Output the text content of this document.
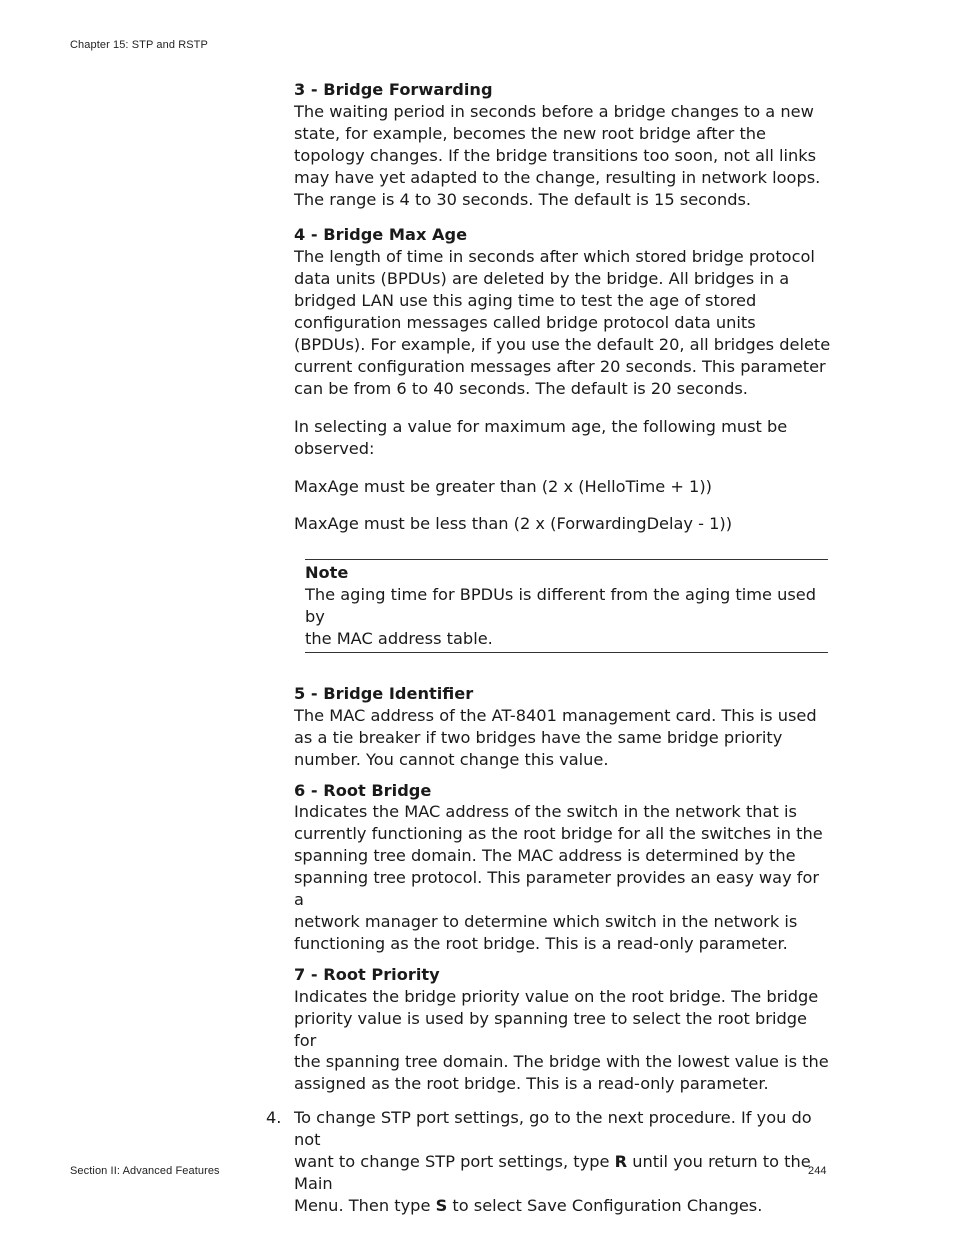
Chapter 15: STP and RSTP
3 - Bridge Forwarding
The waiting period in seconds before a bridge changes to a new
state, for example, becomes the new root bridge after the
topology changes. If the bridge transitions too soon, not all links
may have yet adapted to the change, resulting in network loops.
The range is 4 to 30 seconds. The default is 15 seconds.
4 - Bridge Max Age
The length of time in seconds after which stored bridge protocol
data units (BPDUs) are deleted by the bridge. All bridges in a
bridged LAN use this aging time to test the age of stored
configuration messages called bridge protocol data units
(BPDUs). For example, if you use the default 20, all bridges delete
current configuration messages after 20 seconds. This parameter
can be from 6 to 40 seconds. The default is 20 seconds.
In selecting a value for maximum age, the following must be
observed:
MaxAge must be greater than (2 x (HelloTime + 1))
MaxAge must be less than (2 x (ForwardingDelay - 1))
Note
The aging time for BPDUs is different from the aging time used by
the MAC address table.
5 - Bridge Identifier
The MAC address of the AT-8401 management card. This is used
as a tie breaker if two bridges have the same bridge priority
number. You cannot change this value.
6 - Root Bridge
Indicates the MAC address of the switch in the network that is
currently functioning as the root bridge for all the switches in the
spanning tree domain. The MAC address is determined by the
spanning tree protocol. This parameter provides an easy way for a
network manager to determine which switch in the network is
functioning as the root bridge. This is a read-only parameter.
7 - Root Priority
Indicates the bridge priority value on the root bridge. The bridge
priority value is used by spanning tree to select the root bridge for
the spanning tree domain. The bridge with the lowest value is the
assigned as the root bridge. This is a read-only parameter.
4. To change STP port settings, go to the next procedure. If you do not
want to change STP port settings, type R until you return to the Main
Menu. Then type S to select Save Configuration Changes.
Section II: Advanced Features	244
